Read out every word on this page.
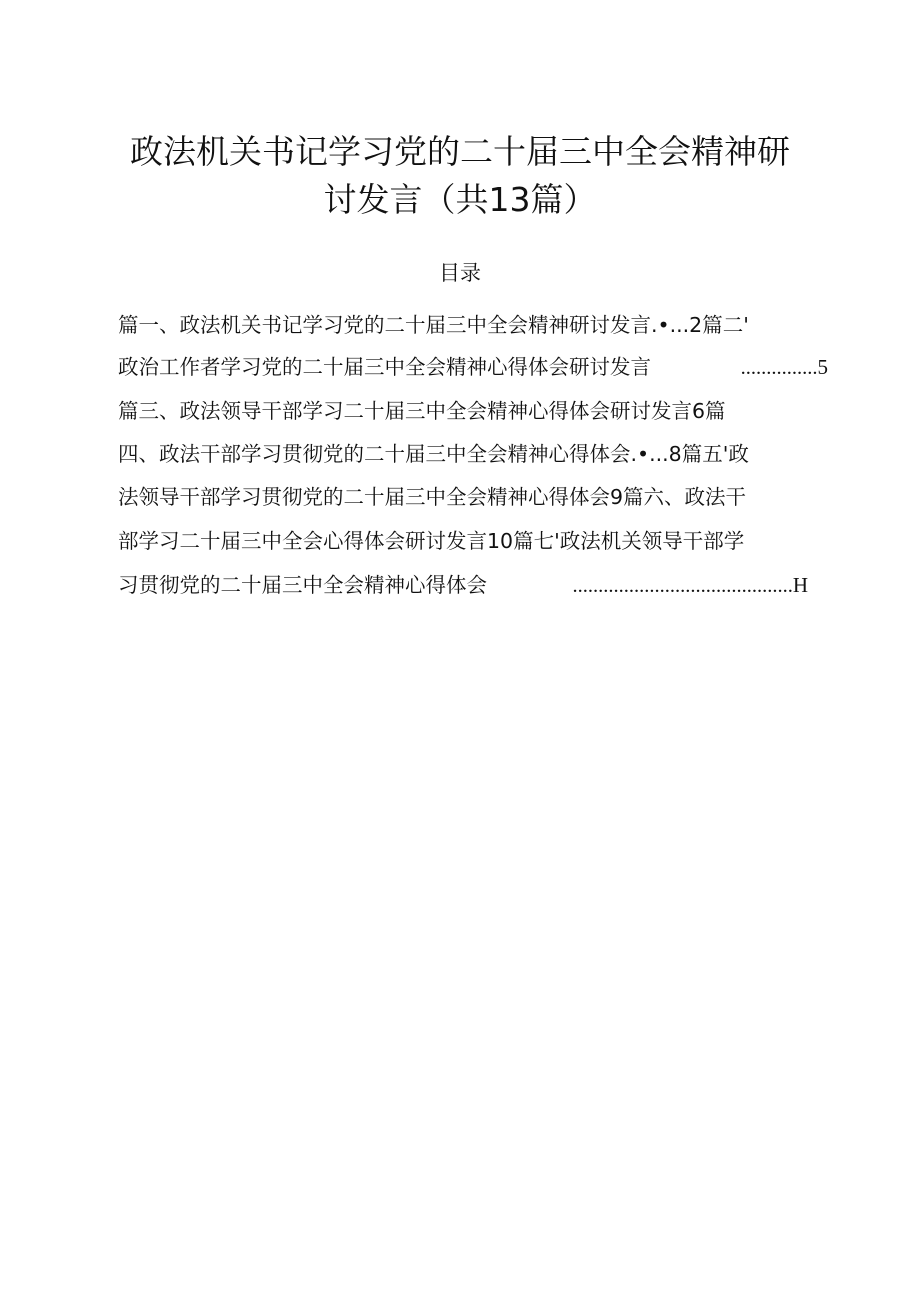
政法机关书记学习党的二十届三中全会精神研
讨发言（共13篇）
目录
篇一、政法机关书记学习党的二十届三中全会精神研讨发言.•...2篇二'
政治工作者学习党的二十届三中全会精神心得体会研讨发言	...............5
篇三、政法领导干部学习二十届三中全会精神心得体会研讨发言6篇
四、政法干部学习贯彻党的二十届三中全会精神心得体会.•...8篇五'政
法领导干部学习贯彻党的二十届三中全会精神心得体会9篇六、政法干
部学习二十届三中全会心得体会研讨发言10篇七'政法机关领导干部学
习贯彻党的二十届三中全会精神心得体会	...........................................H
